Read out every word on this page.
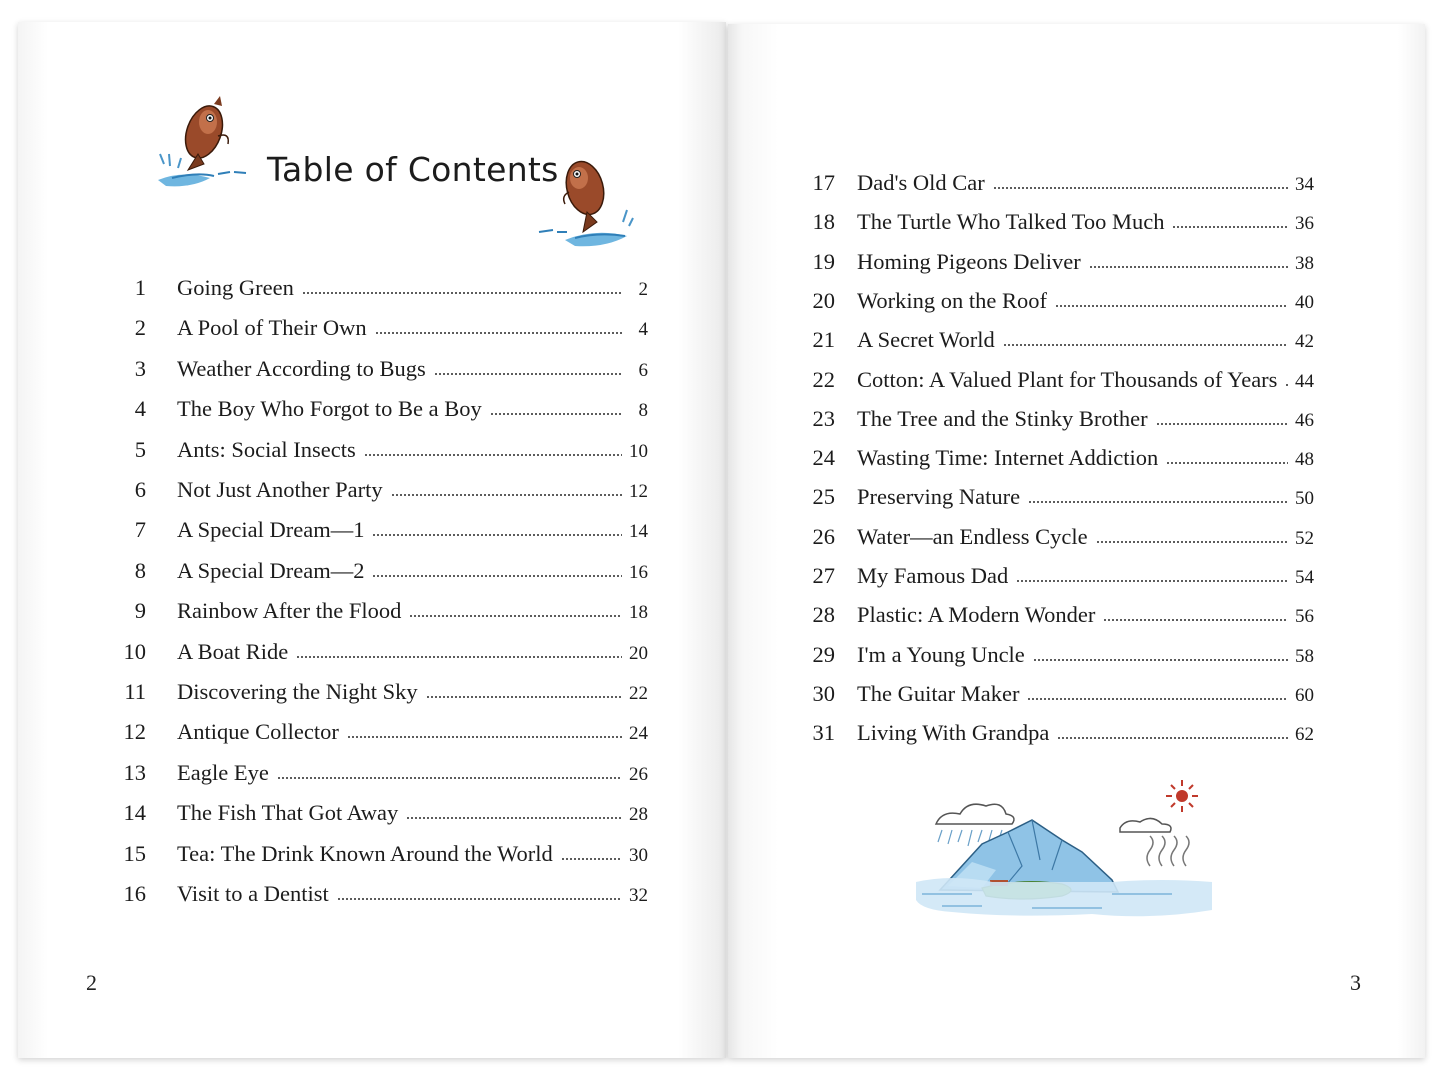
Table of Contents
1 Going Green	2
2 A Pool of Their Own	4
3 Weather According to Bugs	6
4 The Boy Who Forgot to Be a Boy	8
5 Ants: Social Insects	10
6 Not Just Another Party	12
7 A Special Dream—1	14
8 A Special Dream—2	16
9 Rainbow After the Flood	18
10 A Boat Ride	20
11 Discovering the Night Sky	22
12 Antique Collector	24
13 Eagle Eye	26
14 The Fish That Got Away	28
15 Tea: The Drink Known Around the World	30
16 Visit to a Dentist	32
17 Dad's Old Car	34
18 The Turtle Who Talked Too Much	36
19 Homing Pigeons Deliver	38
20 Working on the Roof	40
21 A Secret World	42
22 Cotton: A Valued Plant for Thousands of Years 44
23 The Tree and the Stinky Brother	46
24 Wasting Time: Internet Addiction	48
25 Preserving Nature	50
26 Water—an Endless Cycle	52
27 My Famous Dad	54
28 Plastic: A Modern Wonder	56
29 I'm a Young Uncle	58
30 The Guitar Maker	60
31 Living With Grandpa	62
2	3
